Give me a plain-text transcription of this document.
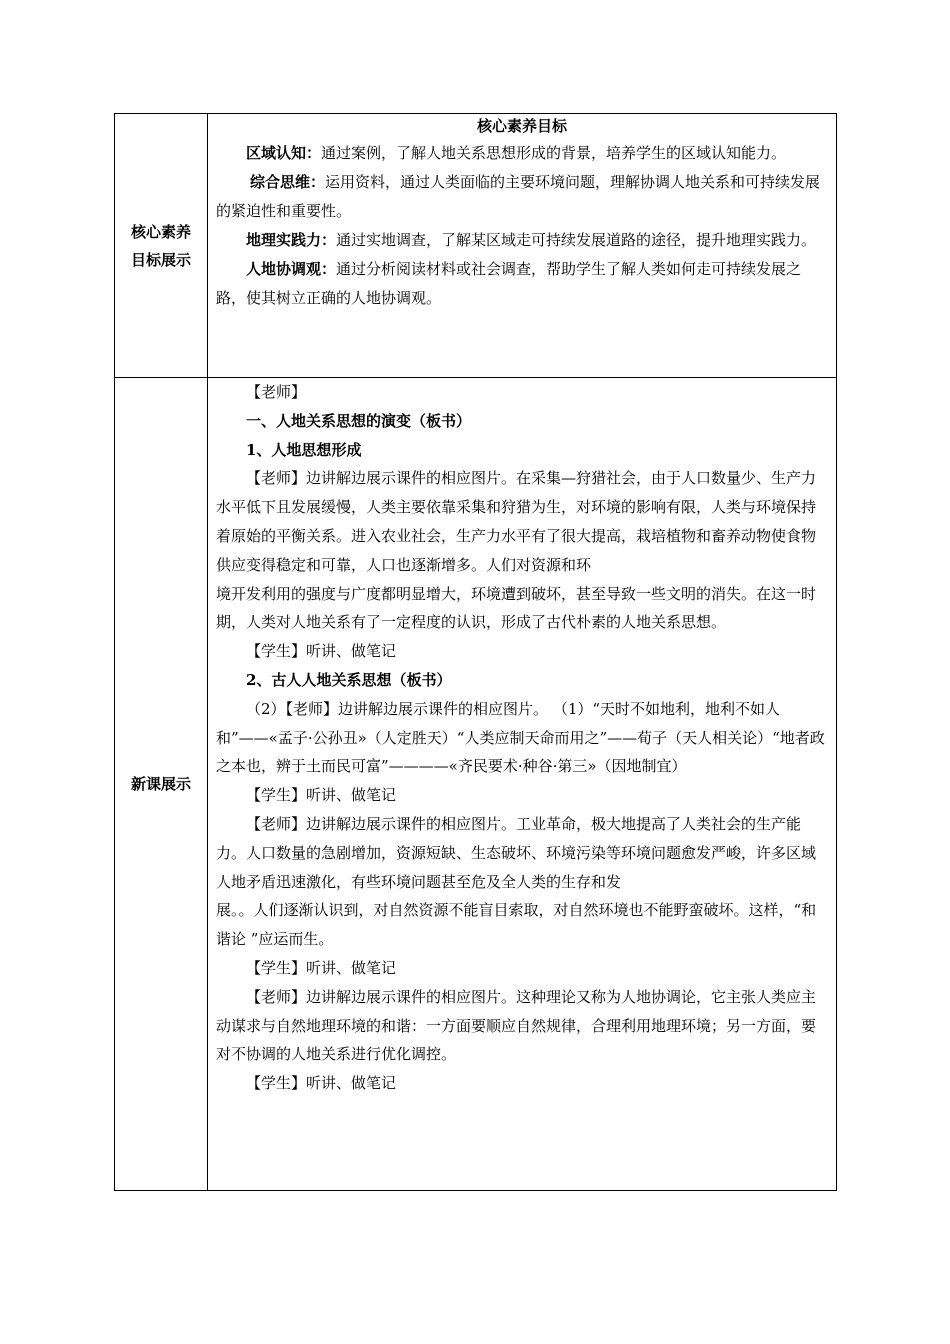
核心素养
目标展示
核心素养目标

区域认知：通过案例，了解人地关系思想形成的背景，培养学生的区域认知能力。

综合思维：运用资料，通过人类面临的主要环境问题，理解协调人地关系和可持续发展的紧迫性和重要性。

地理实践力：通过实地调查，了解某区域走可持续发展道路的途径，提升地理实践力。

人地协调观：通过分析阅读材料或社会调查，帮助学生了解人类如何走可持续发展之路，使其树立正确的人地协调观。

新课展示

【老师】

一、人地关系思想的演变（板书）

1、人地思想形成

【老师】边讲解边展示课件的相应图片。在采集—狩猎社会，由于人口数量少、生产力水平低下且发展缓慢，人类主要依靠采集和狩猎为生，对环境的影响有限，人类与环境保持着原始的平衡关系。进入农业社会，生产力水平有了很大提高，栽培植物和畜养动物使食物供应变得稳定和可靠，人口也逐渐增多。人们对资源和环

境开发利用的强度与广度都明显增大，环境遭到破坏，甚至导致一些文明的消失。在这一时期，人类对人地关系有了一定程度的认识，形成了古代朴素的人地关系思想。

【学生】听讲、做笔记

2、古人人地关系思想（板书）

（2）【老师】边讲解边展示课件的相应图片。 （1）“天时不如地利，地利不如人和”——«孟子·公孙丑»（人定胜天）“人类应制天命而用之”——荀子（天人相关论）“地者政之本也，辨于土而民可富”————«齐民要术·种谷·第三»（因地制宜）

【学生】听讲、做笔记

【老师】边讲解边展示课件的相应图片。工业革命，极大地提高了人类社会的生产能力。人口数量的急剧增加，资源短缺、生态破坏、环境污染等环境问题愈发严峻，许多区域人地矛盾迅速激化，有些环境问题甚至危及全人类的生存和发

展。。人们逐渐认识到，对自然资源不能盲目索取，对自然环境也不能野蛮破坏。这样，“和谐论 ”应运而生。

【学生】听讲、做笔记

【老师】边讲解边展示课件的相应图片。这种理论又称为人地协调论，它主张人类应主动谋求与自然地理环境的和谐：一方面要顺应自然规律，合理利用地理环境；另一方面，要对不协调的人地关系进行优化调控。

【学生】听讲、做笔记
